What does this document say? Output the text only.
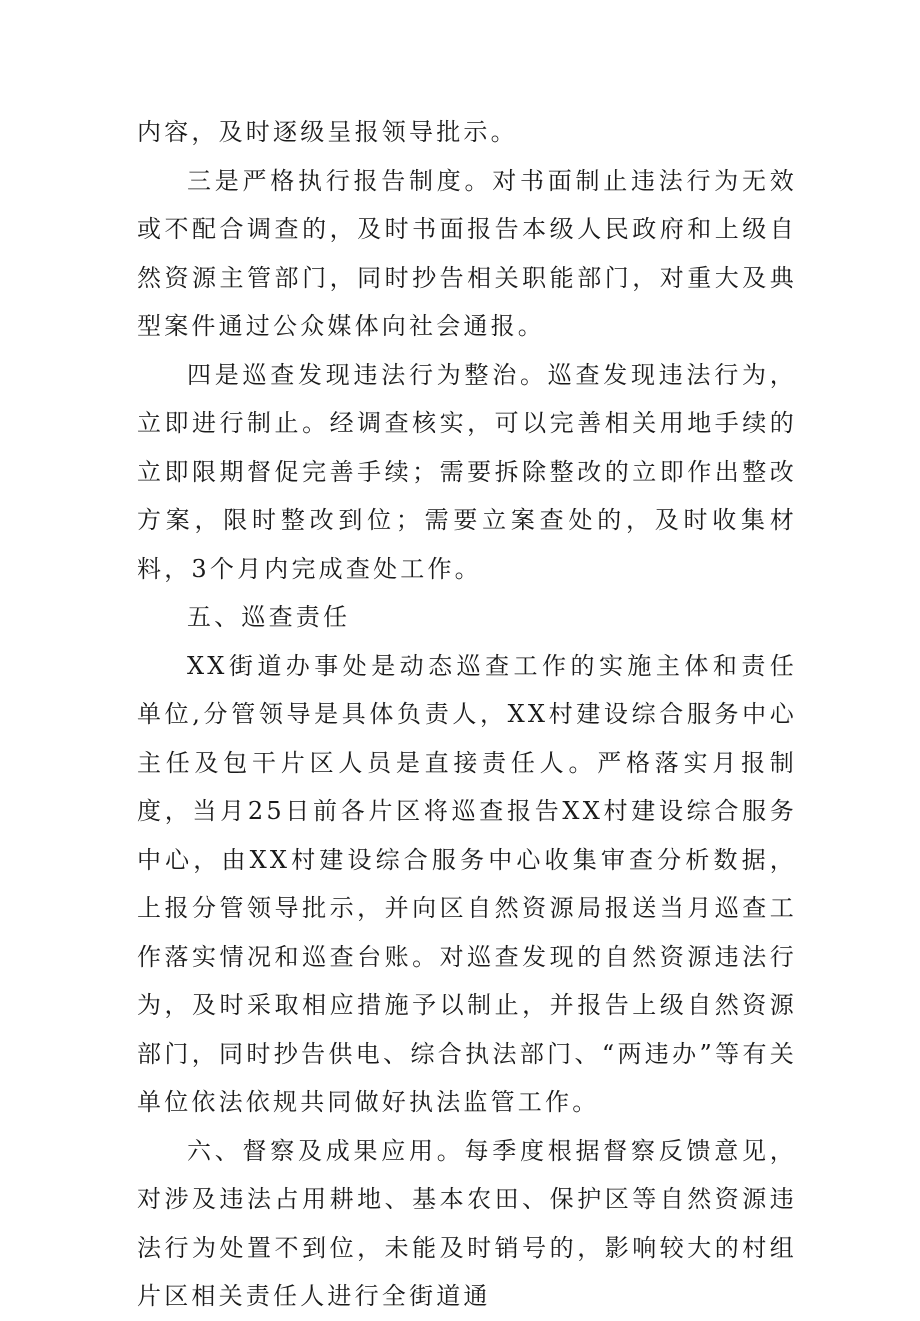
内容，及时逐级呈报领导批示。

三是严格执行报告制度。对书面制止违法行为无效或不配合调查的，及时书面报告本级人民政府和上级自然资源主管部门，同时抄告相关职能部门，对重大及典型案件通过公众媒体向社会通报。

四是巡查发现违法行为整治。巡查发现违法行为，立即进行制止。经调查核实，可以完善相关用地手续的立即限期督促完善手续；需要拆除整改的立即作出整改方案，限时整改到位；需要立案查处的，及时收集材料，3个月内完成查处工作。

五、巡查责任

XX街道办事处是动态巡查工作的实施主体和责任单位,分管领导是具体负责人，XX村建设综合服务中心主任及包干片区人员是直接责任人。严格落实月报制度，当月25日前各片区将巡查报告XX村建设综合服务中心，由XX村建设综合服务中心收集审查分析数据，上报分管领导批示，并向区自然资源局报送当月巡查工作落实情况和巡查台账。对巡查发现的自然资源违法行为，及时采取相应措施予以制止，并报告上级自然资源部门，同时抄告供电、综合执法部门、“两违办”等有关单位依法依规共同做好执法监管工作。

六、督察及成果应用。每季度根据督察反馈意见，对涉及违法占用耕地、基本农田、保护区等自然资源违法行为处置不到位，未能及时销号的，影响较大的村组片区相关责任人进行全街道通
